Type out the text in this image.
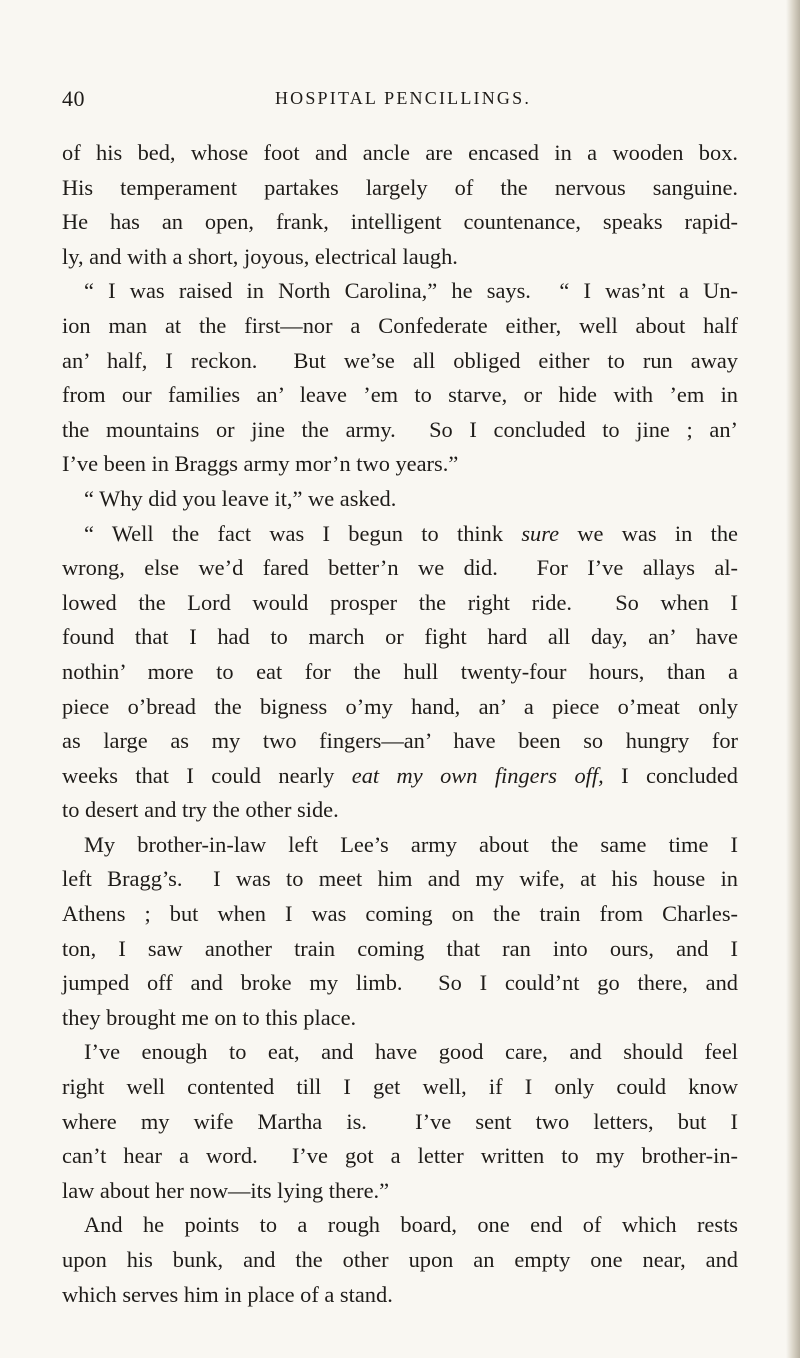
40	HOSPITAL PENCILLINGS.
of his bed, whose foot and ancle are encased in a wooden box.
His temperament partakes largely of the nervous sanguine.
He has an open, frank, intelligent countenance, speaks rapid-
ly, and with a short, joyous, electrical laugh.
“ I was raised in North Carolina,” he says.  “ I was’nt a Un-
ion man at the first—nor a Confederate either, well about half
an’ half, I reckon.  But we’se all obliged either to run away
from our families an’ leave ’em to starve, or hide with ’em in
the mountains or jine the army.  So I concluded to jine ; an’
I’ve been in Braggs army mor’n two years.”
“ Why did you leave it,” we asked.
“ Well the fact was I begun to think sure we was in the
wrong, else we’d fared better’n we did.  For I’ve allays al-
lowed the Lord would prosper the right ride.  So when I
found that I had to march or fight hard all day, an’ have
nothin’ more to eat for the hull twenty-four hours, than a
piece o’bread the bigness o’my hand, an’ a piece o’meat only
as large as my two fingers—an’ have been so hungry for
weeks that I could nearly eat my own fingers off, I concluded
to desert and try the other side.
My brother-in-law left Lee’s army about the same time I
left Bragg’s.  I was to meet him and my wife, at his house in
Athens ; but when I was coming on the train from Charles-
ton, I saw another train coming that ran into ours, and I
jumped off and broke my limb.  So I could’nt go there, and
they brought me on to this place.
I’ve enough to eat, and have good care, and should feel
right well contented till I get well, if I only could know
where my wife Martha is.  I’ve sent two letters, but I
can’t hear a word.  I’ve got a letter written to my brother-in-
law about her now—its lying there.”
And he points to a rough board, one end of which rests
upon his bunk, and the other upon an empty one near, and
which serves him in place of a stand.
